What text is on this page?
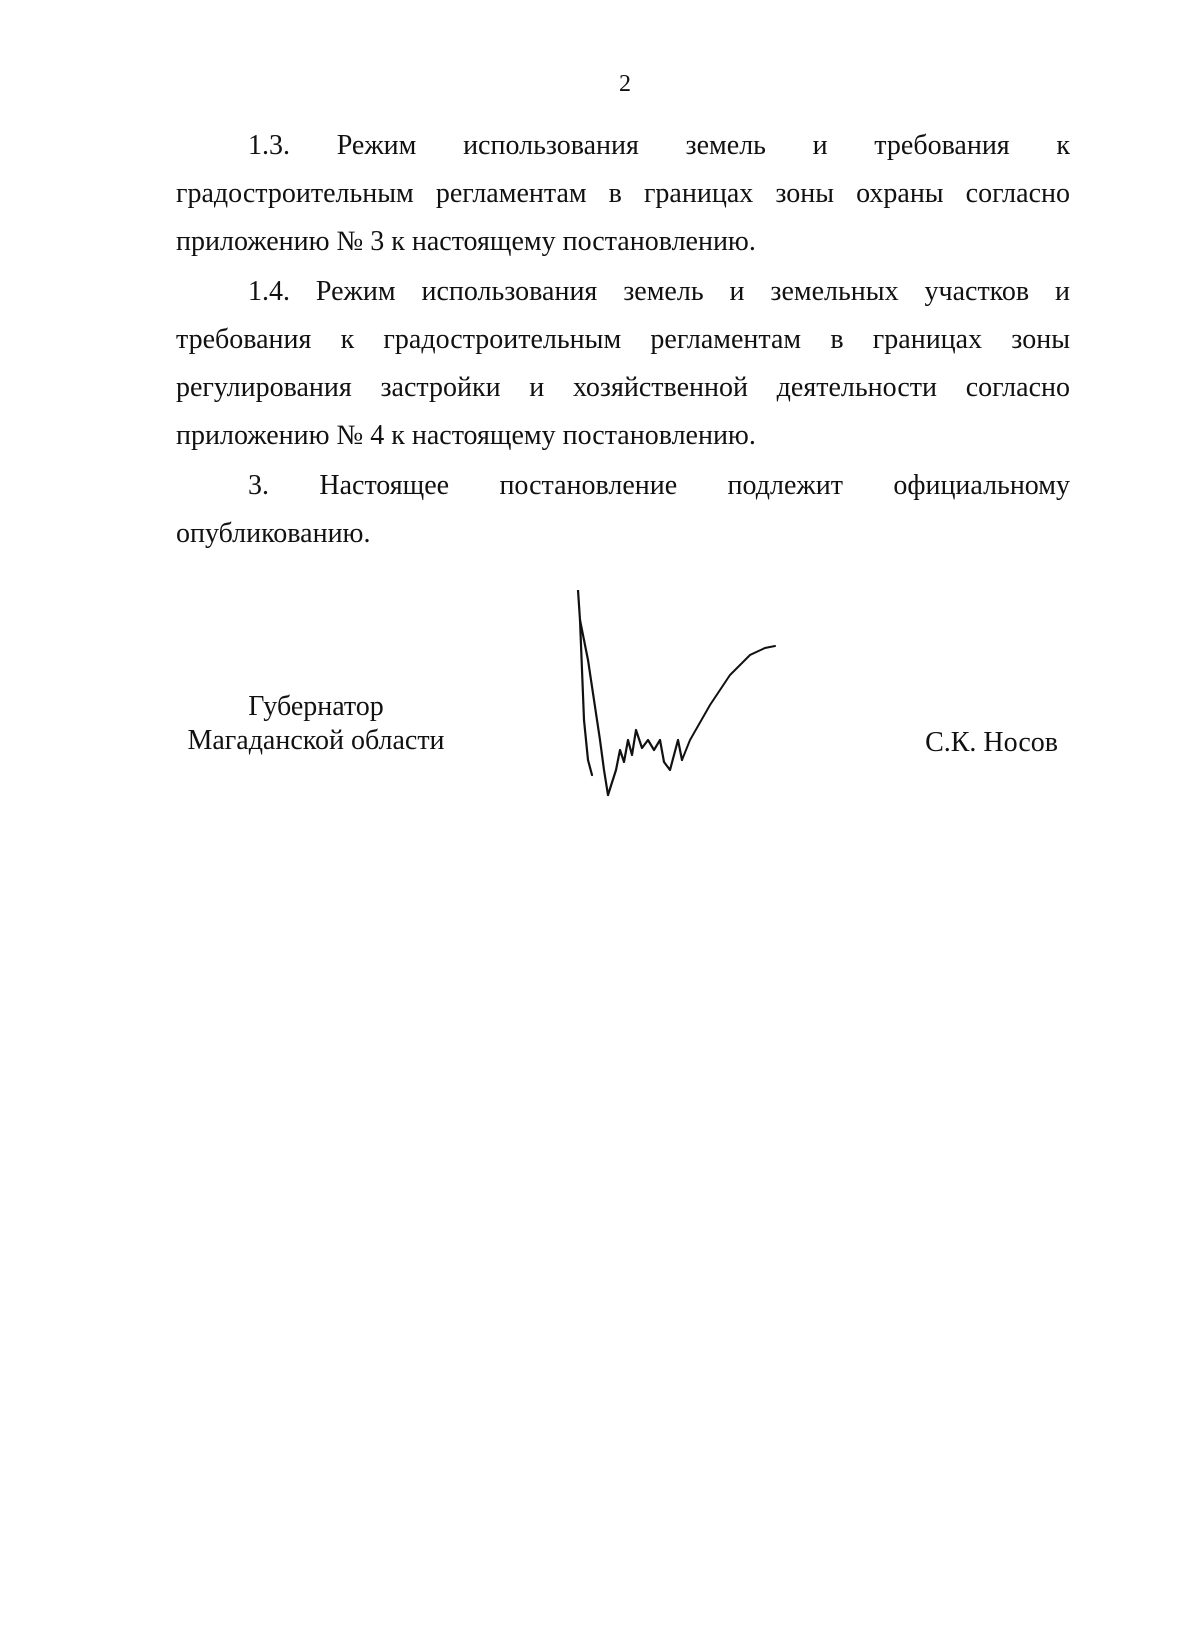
2

1.3. Режим использования земель и требования к градостроительным регламентам в границах зоны охраны согласно приложению № 3 к настоящему постановлению.

1.4. Режим использования земель и земельных участков и требования к градостроительным регламентам в границах зоны регулирования застройки и хозяйственной деятельности согласно приложению № 4 к настоящему постановлению.

3. Настоящее постановление подлежит официальному опубликованию.

Губернатор
Магаданской области	С.К. Носов
